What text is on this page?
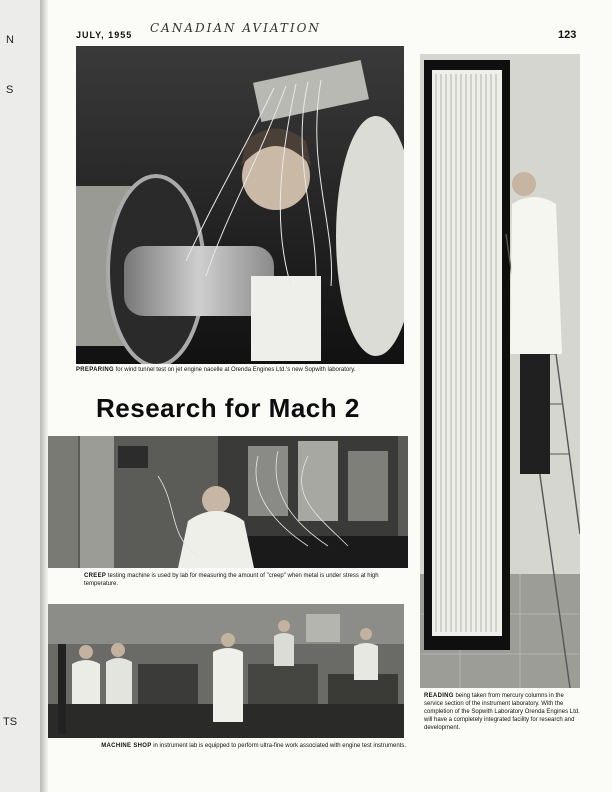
N
S
TS
JULY, 1955 CANADIAN AVIATION	123
PREPARING for wind tunnel test on jet engine nacelle at Orenda Engines Ltd.'s new Sopwith laboratory.
Research for Mach 2
CREEP testing machine is used by lab for measuring the amount of "creep" when metal is under stress at high temperature.
MACHINE SHOP in instrument lab is equipped to perform ultra-fine work associated with engine test instruments.
READING being taken from mercury columns in the service section of the instrument laboratory. With the completion of the Sopwith Laboratory Orenda Engines Ltd. will have a completely integrated facility for research and development.
